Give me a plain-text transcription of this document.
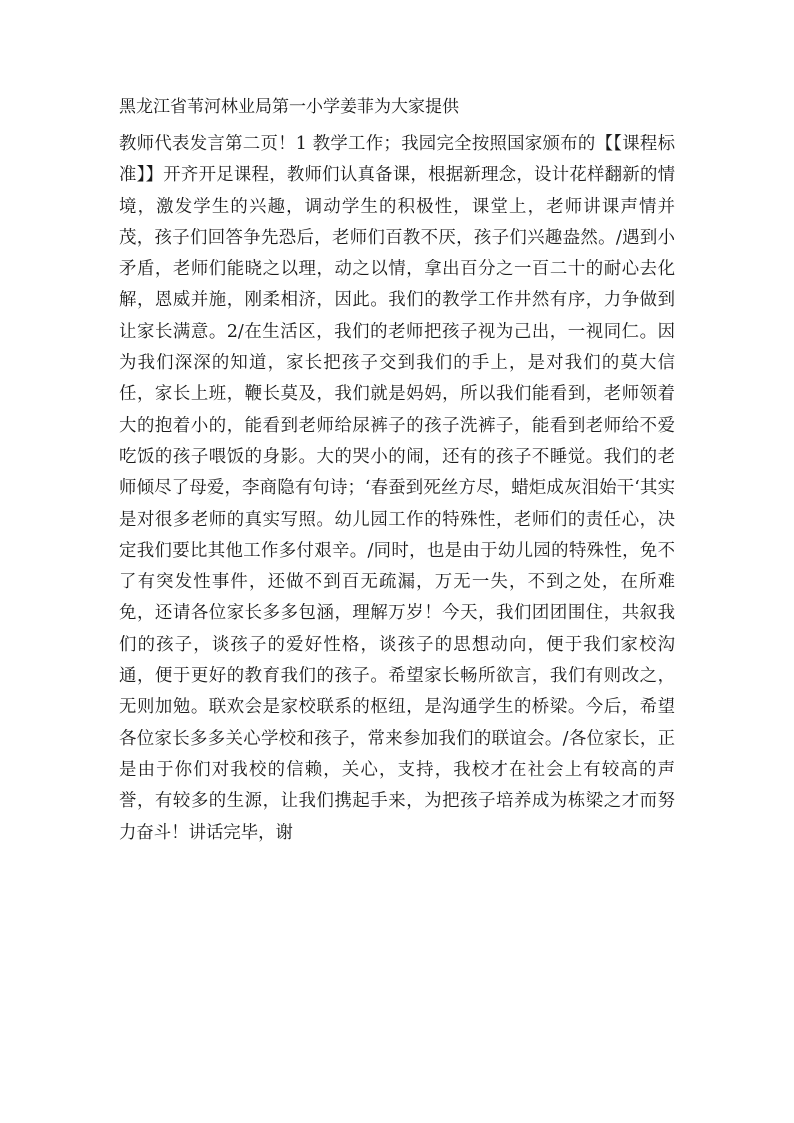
黑龙江省苇河林业局第一小学姜菲为大家提供

教师代表发言第二页！1 教学工作；我园完全按照国家颁布的【【课程标准】】开齐开足课程，教师们认真备课，根据新理念，设计花样翻新的情境，激发学生的兴趣，调动学生的积极性，课堂上，老师讲课声情并茂，孩子们回答争先恐后，老师们百教不厌，孩子们兴趣盎然。/遇到小矛盾，老师们能晓之以理，动之以情，拿出百分之一百二十的耐心去化解，恩威并施，刚柔相济，因此。我们的教学工作井然有序，力争做到让家长满意。2/在生活区，我们的老师把孩子视为己出，一视同仁。因为我们深深的知道，家长把孩子交到我们的手上，是对我们的莫大信任，家长上班，鞭长莫及，我们就是妈妈，所以我们能看到，老师领着大的抱着小的，能看到老师给尿裤子的孩子洗裤子，能看到老师给不爱吃饭的孩子喂饭的身影。大的哭小的闹，还有的孩子不睡觉。我们的老师倾尽了母爱，李商隐有句诗；‘春蚕到死丝方尽，蜡炬成灰泪始干‘其实是对很多老师的真实写照。幼儿园工作的特殊性，老师们的责任心，决定我们要比其他工作多付艰辛。/同时，也是由于幼儿园的特殊性，免不了有突发性事件，还做不到百无疏漏，万无一失，不到之处，在所难免，还请各位家长多多包涵，理解万岁！今天，我们团团围住，共叙我们的孩子，谈孩子的爱好性格，谈孩子的思想动向，便于我们家校沟通，便于更好的教育我们的孩子。希望家长畅所欲言，我们有则改之，无则加勉。联欢会是家校联系的枢纽，是沟通学生的桥梁。今后，希望各位家长多多关心学校和孩子，常来参加我们的联谊会。/各位家长，正是由于你们对我校的信赖，关心，支持，我校才在社会上有较高的声誉，有较多的生源，让我们携起手来，为把孩子培养成为栋梁之才而努力奋斗！讲话完毕，谢
